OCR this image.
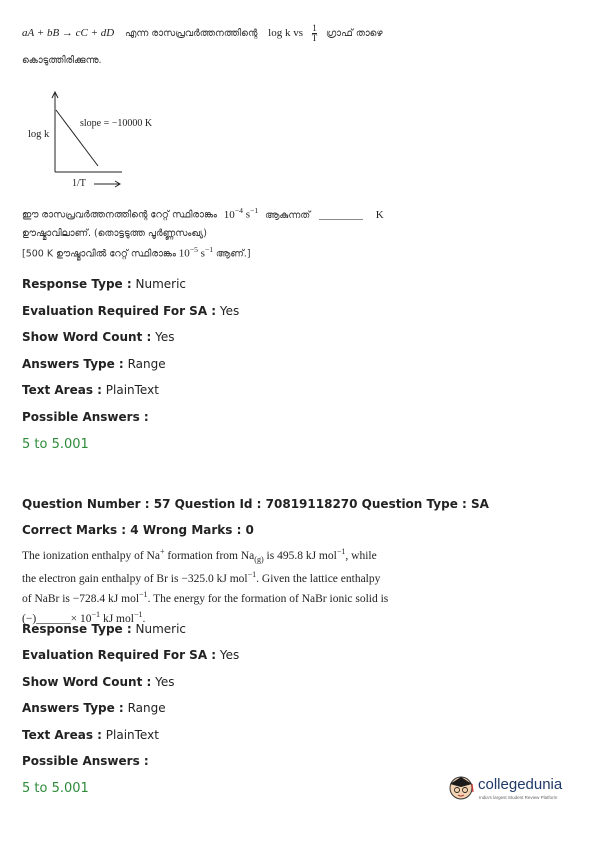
aA + bB → cC + dD എന്ന രാസപ്രവർത്തനത്തിന്റെ log k vs $\frac{1}{T}$ ഗ്രാഫ് താഴെ
കൊടുത്തിരിക്കുന്നു.
log k
slope = −10000 K
1/T
ഈ രാസപ്രവർത്തനത്തിന്റെ റേറ്റ് സ്ഥിരാങ്കം $10^{-4}$ $s^{-1}$ ആകുന്നത് ________ K
ഊഷ്മാവിലാണ്. (തൊട്ടടുത്ത പൂർണ്ണസംഖ്യ)
[500 K ഊഷ്മാവിൽ റേറ്റ് സ്ഥിരാങ്കം $10^{-5}$ $s^{-1}$ ആണ്.]
Response Type : Numeric
Evaluation Required For SA : Yes
Show Word Count : Yes
Answers Type : Range
Text Areas : PlainText
Possible Answers :
5 to 5.001
Question Number : 57 Question Id : 70819118270 Question Type : SA
Correct Marks : 4 Wrong Marks : 0
The ionization enthalpy of Na+ formation from $Na_{(g)}$ is 495.8 kJ mol$^{-1}$, while
the electron gain enthalpy of Br is −325.0 kJ mol$^{-1}$. Given the lattice enthalpy
of NaBr is −728.4 kJ mol$^{-1}$. The energy for the formation of NaBr ionic solid is
(−)______× $10^{-1}$ kJ mol$^{-1}$.
Response Type : Numeric
Evaluation Required For SA : Yes
Show Word Count : Yes
Answers Type : Range
Text Areas : PlainText
Possible Answers :
5 to 5.001	collegedunia
India's largest Student Review Platform
